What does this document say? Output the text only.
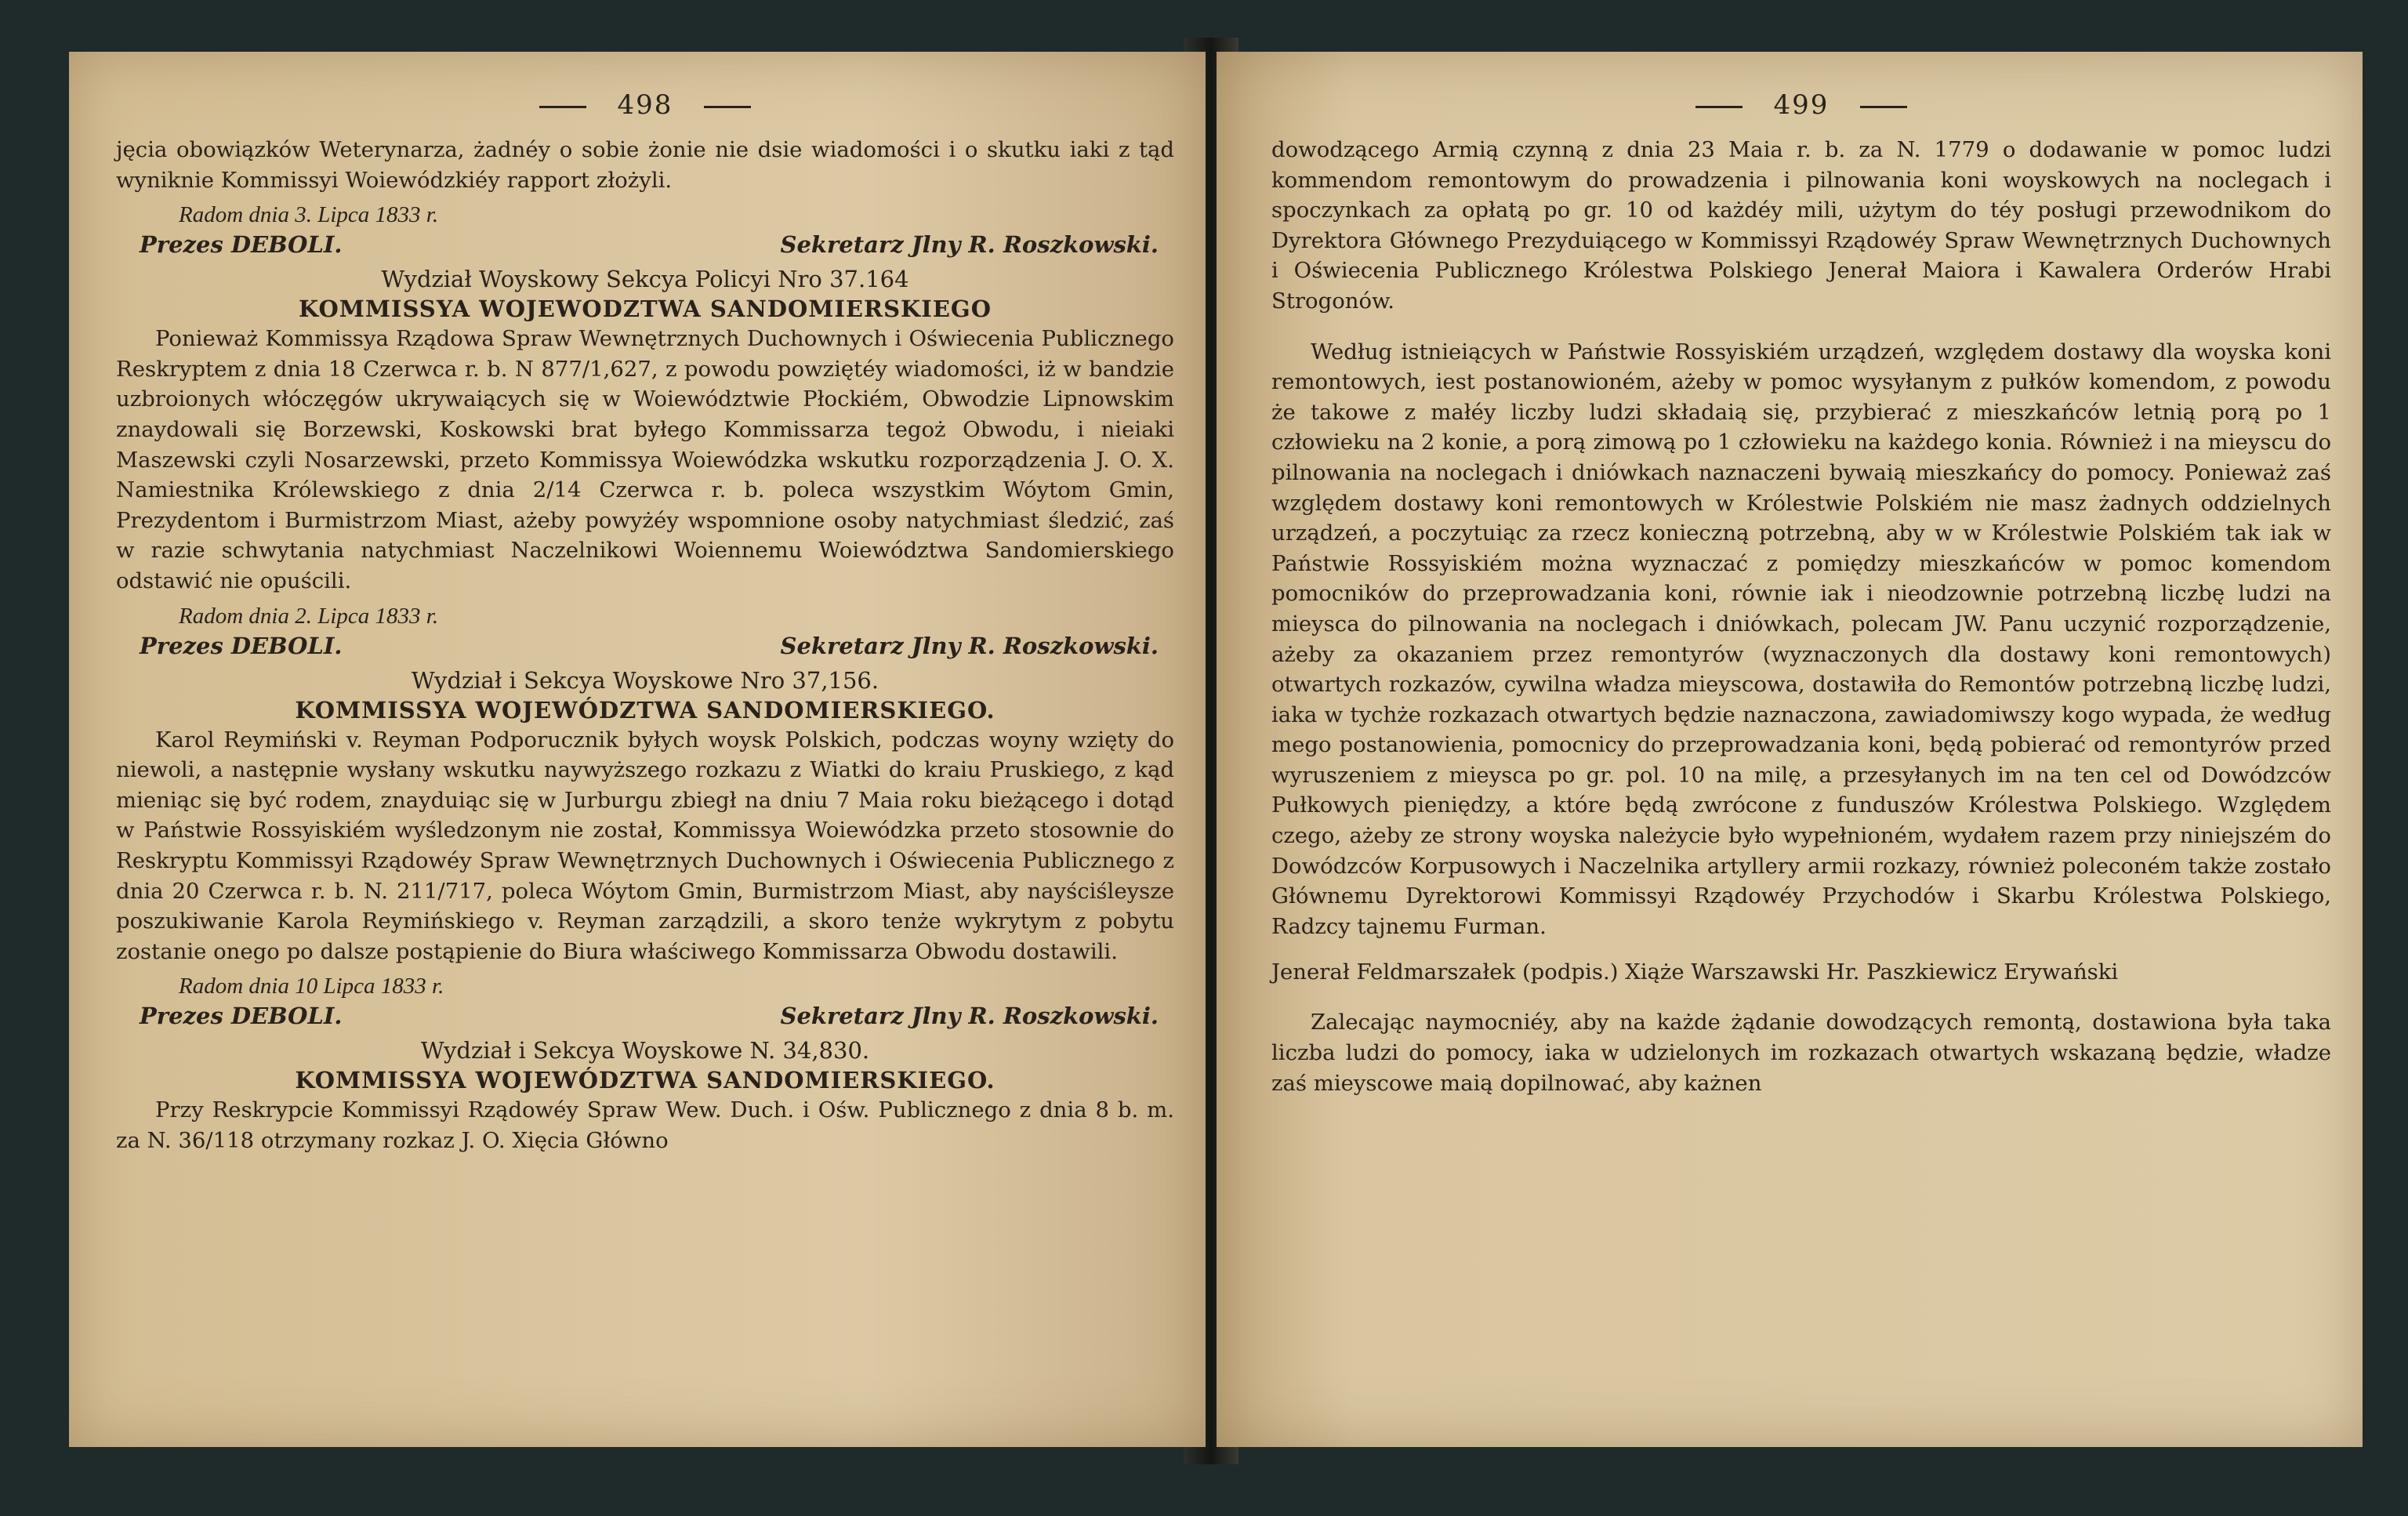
498

jęcia obowiązków Weterynarza, żadnéy o sobie żonie nie dsie wiadomości i o skutku iaki z tąd wyniknie Kommissyi Woiewódzkiéy rapport złożyli.

Radom dnia 3. Lipca 1833 r.
Prezes DEBOLI.	Sekretarz Jlny R. Roszkowski.
Wydział Woyskowy Sekcya Policyi Nro 37.164
KOMMISSYA WOJEWODZTWA SANDOMIERSKIEGO

Ponieważ Kommissya Rządowa Spraw Wewnętrznych Duchownych i Oświecenia Publicznego Reskryptem z dnia 18 Czerwca r. b. N 877/1,627, z powodu powziętéy wiadomości, iż w bandzie uzbroionych włóczęgów ukrywaiących się w Woiewództwie Płockiém, Obwodzie Lipnowskim znaydowali się Borzewski, Koskowski brat byłego Kommissarza tegoż Obwodu, i nieiaki Maszewski czyli Nosarzewski, przeto Kommissya Woiewódzka wskutku rozporządzenia J. O. X. Namiestnika Królewskiego z dnia 2/14 Czerwca r. b. poleca wszystkim Wóytom Gmin, Prezydentom i Burmistrzom Miast, ażeby powyżéy wspomnione osoby natychmiast śledzić, zaś w razie schwytania natychmiast Naczelnikowi Woiennemu Woiewództwa Sandomierskiego odstawić nie opuścili.

Radom dnia 2. Lipca 1833 r.
Prezes DEBOLI.	Sekretarz Jlny R. Roszkowski.
Wydział i Sekcya Woyskowe Nro 37,156.
KOMMISSYA WOJEWÓDZTWA SANDOMIERSKIEGO.

Karol Reymiński v. Reyman Podporucznik byłych woysk Polskich, podczas woyny wzięty do niewoli, a następnie wysłany wskutku naywyższego rozkazu z Wiatki do kraiu Pruskiego, z kąd mieniąc się być rodem, znayduiąc się w Jurburgu zbiegł na dniu 7 Maia roku bieżącego i dotąd w Państwie Rossyiskiém wyśledzonym nie został, Kommissya Woiewódzka przeto stosownie do Reskryptu Kommissyi Rządowéy Spraw Wewnętrznych Duchownych i Oświecenia Publicznego z dnia 20 Czerwca r. b. N. 211/717, poleca Wóytom Gmin, Burmistrzom Miast, aby nayściśleysze poszukiwanie Karola Reymińskiego v. Reyman zarządzili, a skoro tenże wykrytym z pobytu zostanie onego po dalsze postąpienie do Biura właściwego Kommissarza Obwodu dostawili.

Radom dnia 10 Lipca 1833 r.
Prezes DEBOLI.	Sekretarz Jlny R. Roszkowski.
Wydział i Sekcya Woyskowe N. 34,830.
KOMMISSYA WOJEWÓDZTWA SANDOMIERSKIEGO.

Przy Reskrypcie Kommissyi Rządowéy Spraw Wew. Duch. i Ośw. Publicznego z dnia 8 b. m. za N. 36/118 otrzymany rozkaz J. O. Xięcia Główno

499

dowodzącego Armią czynną z dnia 23 Maia r. b. za N. 1779 o dodawanie w pomoc ludzi kommendom remontowym do prowadzenia i pilnowania koni woyskowych na noclegach i spoczynkach za opłatą po gr. 10 od każdéy mili, użytym do téy posługi przewodnikom do Dyrektora Głównego Prezyduiącego w Kommissyi Rządowéy Spraw Wewnętrznych Duchownych i Oświecenia Publicznego Królestwa Polskiego Jenerał Maiora i Kawalera Orderów Hrabi Strogonów.

Według istnieiących w Państwie Rossyiskiém urządzeń, względem dostawy dla woyska koni remontowych, iest postanowioném, ażeby w pomoc wysyłanym z pułków komendom, z powodu że takowe z małéy liczby ludzi składaią się, przybierać z mieszkańców letnią porą po 1 człowieku na 2 konie, a porą zimową po 1 człowieku na każdego konia. Również i na mieyscu do pilnowania na noclegach i dniówkach naznaczeni bywaią mieszkańcy do pomocy. Ponieważ zaś względem dostawy koni remontowych w Królestwie Polskiém nie masz żadnych oddzielnych urządzeń, a poczytuiąc za rzecz konieczną potrzebną, aby w w Królestwie Polskiém tak iak w Państwie Rossyiskiém można wyznaczać z pomiędzy mieszkańców w pomoc komendom pomocników do przeprowadzania koni, równie iak i nieodzownie potrzebną liczbę ludzi na mieysca do pilnowania na noclegach i dniówkach, polecam JW. Panu uczynić rozporządzenie, ażeby za okazaniem przez remontyrów (wyznaczonych dla dostawy koni remontowych) otwartych rozkazów, cywilna władza mieyscowa, dostawiła do Remontów potrzebną liczbę ludzi, iaka w tychże rozkazach otwartych będzie naznaczona, zawiadomiwszy kogo wypada, że według mego postanowienia, pomocnicy do przeprowadzania koni, będą pobierać od remontyrów przed wyruszeniem z mieysca po gr. pol. 10 na milę, a przesyłanych im na ten cel od Dowódzców Pułkowych pieniędzy, a które będą zwrócone z funduszów Królestwa Polskiego. Względem czego, ażeby ze strony woyska należycie było wypełnioném, wydałem razem przy niniejszém do Dowódzców Korpusowych i Naczelnika artyllery armii rozkazy, również poleconém także zostało Głównemu Dyrektorowi Kommissyi Rządowéy Przychodów i Skarbu Królestwa Polskiego, Radzcy tajnemu Furman.

Jenerał Feldmarszałek (podpis.) Xiąże Warszawski Hr. Paszkiewicz Erywański

Zalecając naymocniéy, aby na każde żądanie dowodzących remontą, dostawiona była taka liczba ludzi do pomocy, iaka w udzielonych im rozkazach otwartych wskazaną będzie, władze zaś mieyscowe maią dopilnować, aby każnen
